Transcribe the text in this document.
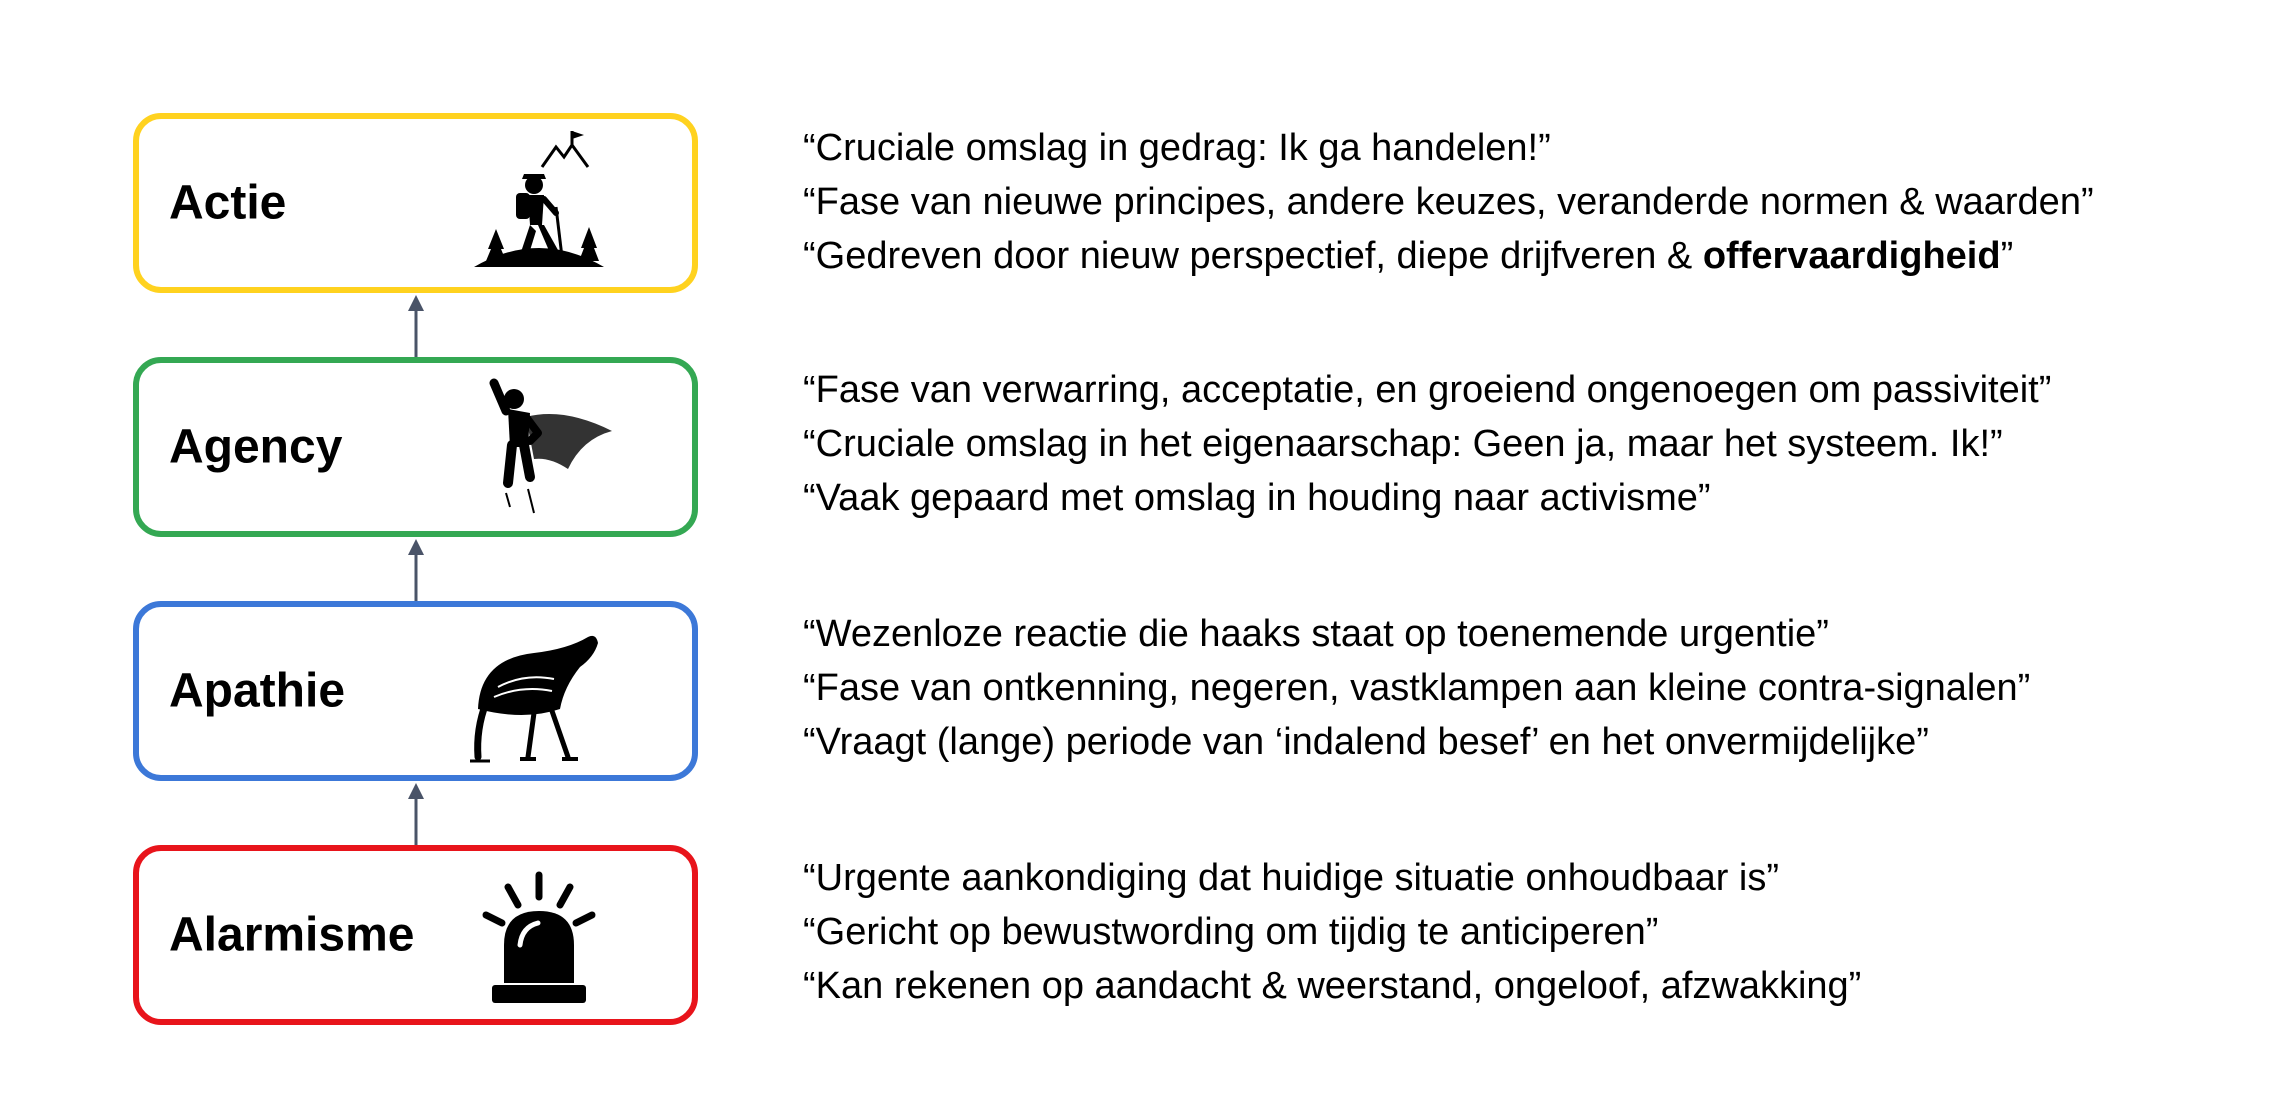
Actie
Agency
Apathie
Alarmisme
“Cruciale omslag in gedrag: Ik ga handelen!”
“Fase van nieuwe principes, andere keuzes, veranderde normen & waarden”
“Gedreven door nieuw perspectief, diepe drijfveren & offervaardigheid”
“Fase van verwarring, acceptatie, en groeiend ongenoegen om passiviteit”
“Cruciale omslag in het eigenaarschap: Geen ja, maar het systeem. Ik!”
“Vaak gepaard met omslag in houding naar activisme”
“Wezenloze reactie die haaks staat op toenemende urgentie”
“Fase van ontkenning, negeren, vastklampen aan kleine contra-signalen”
“Vraagt (lange) periode van ‘indalend besef’ en het onvermijdelijke”
“Urgente aankondiging dat huidige situatie onhoudbaar is”
“Gericht op bewustwording om tijdig te anticiperen”
“Kan rekenen op aandacht & weerstand, ongeloof, afzwakking”
